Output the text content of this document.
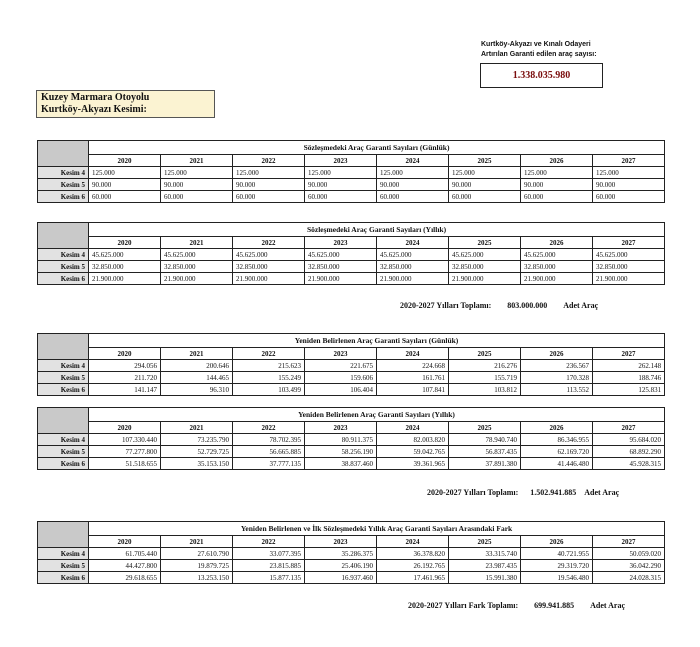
Kurtköy-Akyazı ve Kınalı Odayeri
Artırılan Garanti edilen araç sayısı:
1.338.035.980
Kuzey Marmara Otoyolu
Kurtköy-Akyazı Kesimi:
	Sözleşmedeki Araç Garanti Sayıları (Günlük)							
	2020	2021	2022	2023	2024	2025	2026	2027
Kesim 4	125.000	125.000	125.000	125.000	125.000	125.000	125.000	125.000
Kesim 5	90.000	90.000	90.000	90.000	90.000	90.000	90.000	90.000
Kesim 6	60.000	60.000	60.000	60.000	60.000	60.000	60.000	60.000
	Sözleşmedeki Araç Garanti Sayıları (Yıllık)							
	2020	2021	2022	2023	2024	2025	2026	2027
Kesim 4	45.625.000	45.625.000	45.625.000	45.625.000	45.625.000	45.625.000	45.625.000	45.625.000
Kesim 5	32.850.000	32.850.000	32.850.000	32.850.000	32.850.000	32.850.000	32.850.000	32.850.000
Kesim 6	21.900.000	21.900.000	21.900.000	21.900.000	21.900.000	21.900.000	21.900.000	21.900.000
2020-2027 Yılları Toplamı: 803.000.000 Adet Araç
	Yeniden Belirlenen Araç Garanti Sayıları (Günlük)							
	2020	2021	2022	2023	2024	2025	2026	2027
Kesim 4	294.056	200.646	215.623	221.675	224.668	216.276	236.567	262.148
Kesim 5	211.720	144.465	155.249	159.606	161.761	155.719	170.328	188.746
Kesim 6	141.147	96.310	103.499	106.404	107.841	103.812	113.552	125.831
	Yeniden Belirlenen Araç Garanti Sayıları (Yıllık)							
	2020	2021	2022	2023	2024	2025	2026	2027
Kesim 4	107.330.440	73.235.790	78.702.395	80.911.375	82.003.820	78.940.740	86.346.955	95.684.020
Kesim 5	77.277.800	52.729.725	56.665.885	58.256.190	59.042.765	56.837.435	62.169.720	68.892.290
Kesim 6	51.518.655	35.153.150	37.777.135	38.837.460	39.361.965	37.891.380	41.446.480	45.928.315
2020-2027 Yılları Toplamı: 1.502.941.885 Adet Araç
	Yeniden Belirlenen ve İlk Sözleşmedeki Yıllık Araç Garanti Sayıları Arasındaki Fark							
	2020	2021	2022	2023	2024	2025	2026	2027
Kesim 4	61.705.440	27.610.790	33.077.395	35.286.375	36.378.820	33.315.740	40.721.955	50.059.020
Kesim 5	44.427.800	19.879.725	23.815.885	25.406.190	26.192.765	23.987.435	29.319.720	36.042.290
Kesim 6	29.618.655	13.253.150	15.877.135	16.937.460	17.461.965	15.991.380	19.546.480	24.028.315
2020-2027 Yılları Fark Toplamı: 699.941.885 Adet Araç
